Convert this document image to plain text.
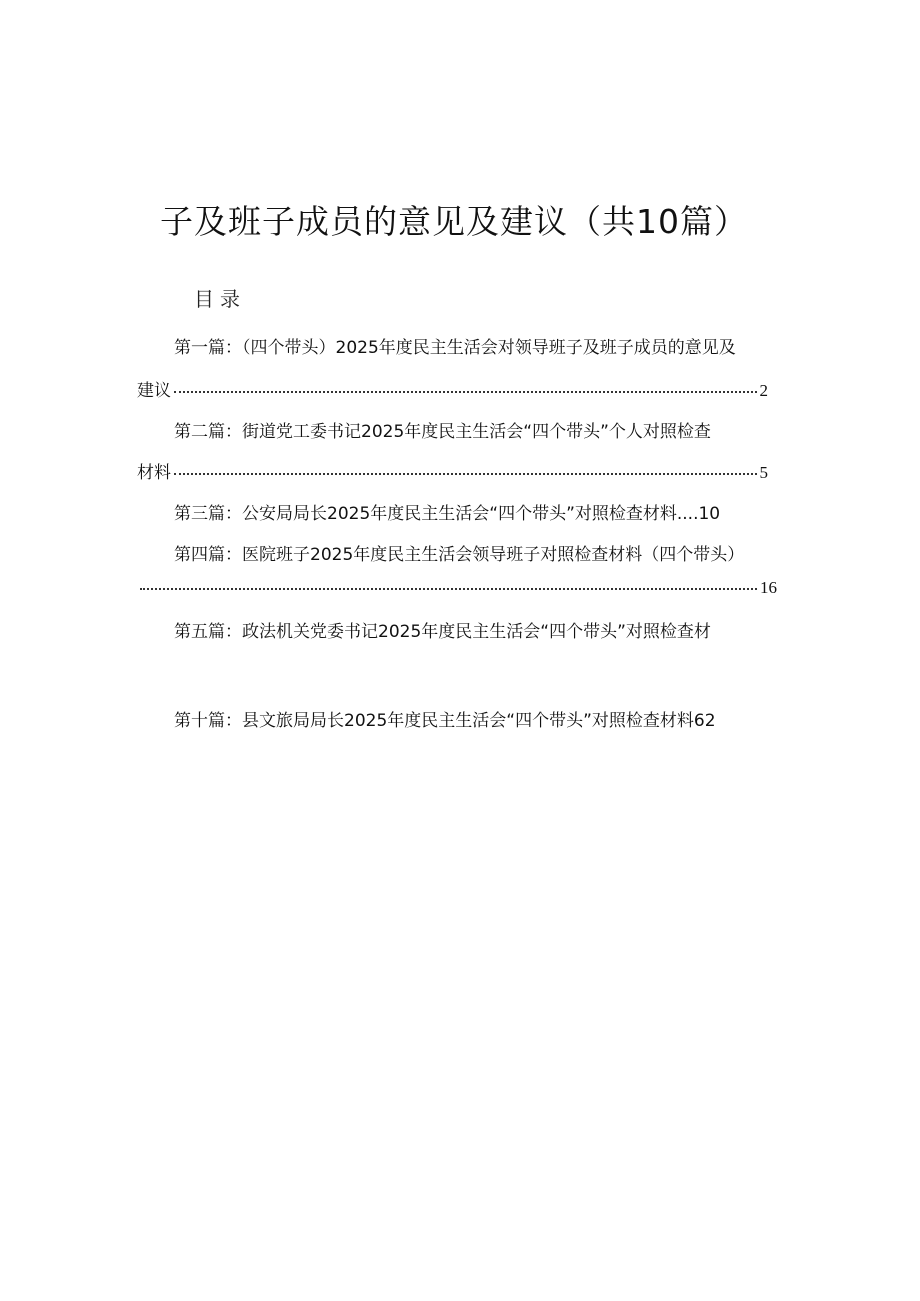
子及班子成员的意见及建议（共10篇）
目录
第一篇：（四个带头）2025年度民主生活会对领导班子及班子成员的意见及
建议	2
第二篇：街道党工委书记2025年度民主生活会“四个带头”个人对照检查
材料	5
第三篇：公安局局长2025年度民主生活会“四个带头”对照检查材料....10
第四篇：医院班子2025年度民主生活会领导班子对照检查材料（四个带头）
16
第五篇：政法机关党委书记2025年度民主生活会“四个带头”对照检查材
第十篇：县文旅局局长2025年度民主生活会“四个带头”对照检查材料62
